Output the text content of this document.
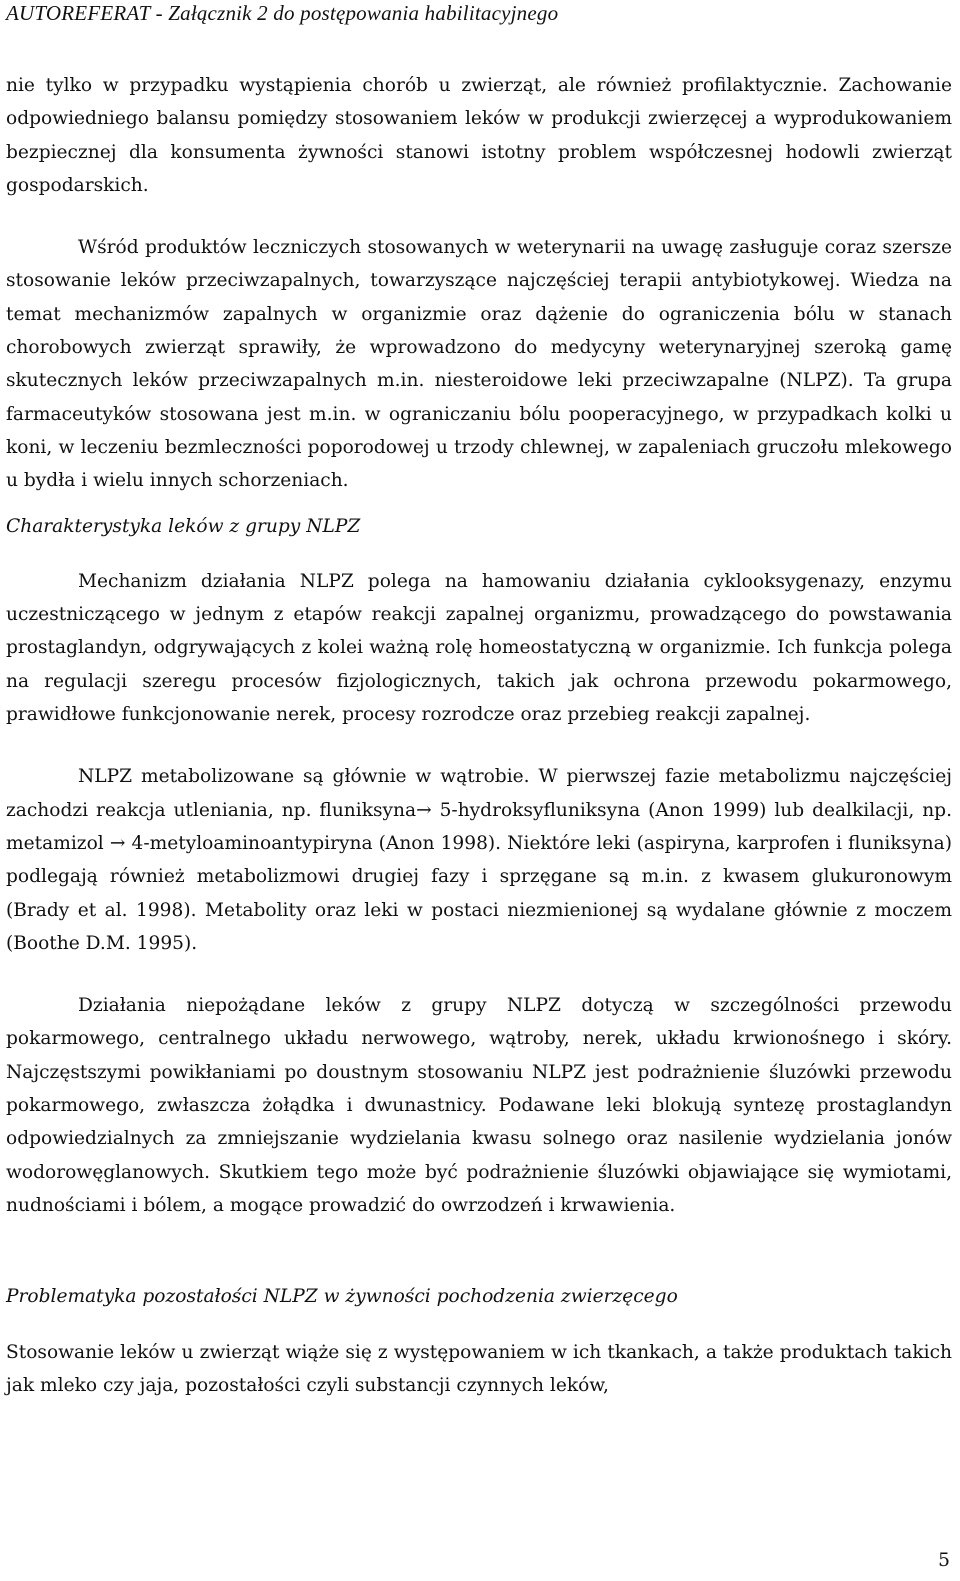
AUTOREFERAT - Załącznik 2 do postępowania habilitacyjnego

nie tylko w przypadku wystąpienia chorób u zwierząt, ale również profilaktycznie. Zachowanie odpowiedniego balansu pomiędzy stosowaniem leków w produkcji zwierzęcej a wyprodukowaniem bezpiecznej dla konsumenta żywności stanowi istotny problem współczesnej hodowli zwierząt gospodarskich.

Wśród produktów leczniczych stosowanych w weterynarii na uwagę zasługuje coraz szersze stosowanie leków przeciwzapalnych, towarzyszące najczęściej terapii antybiotykowej. Wiedza na temat mechanizmów zapalnych w organizmie oraz dążenie do ograniczenia bólu w stanach chorobowych zwierząt sprawiły, że wprowadzono do medycyny weterynaryjnej szeroką gamę skutecznych leków przeciwzapalnych m.in. niesteroidowe leki przeciwzapalne (NLPZ). Ta grupa farmaceutyków stosowana jest m.in. w ograniczaniu bólu pooperacyjnego, w przypadkach kolki u koni, w leczeniu bezmleczności poporodowej u trzody chlewnej, w zapaleniach gruczołu mlekowego u bydła i wielu innych schorzeniach.

Charakterystyka leków z grupy NLPZ

Mechanizm działania NLPZ polega na hamowaniu działania cyklooksygenazy, enzymu uczestniczącego w jednym z etapów reakcji zapalnej organizmu, prowadzącego do powstawania prostaglandyn, odgrywających z kolei ważną rolę homeostatyczną w organizmie. Ich funkcja polega na regulacji szeregu procesów fizjologicznych, takich jak ochrona przewodu pokarmowego, prawidłowe funkcjonowanie nerek, procesy rozrodcze oraz przebieg reakcji zapalnej.

NLPZ metabolizowane są głównie w wątrobie. W pierwszej fazie metabolizmu najczęściej zachodzi reakcja utleniania, np. fluniksyna→ 5-hydroksyfluniksyna (Anon 1999) lub dealkilacji, np. metamizol → 4-metyloaminoantypiryna (Anon 1998). Niektóre leki (aspiryna, karprofen i fluniksyna) podlegają również metabolizmowi drugiej fazy i sprzęgane są m.in. z kwasem glukuronowym (Brady et al. 1998). Metabolity oraz leki w postaci niezmienionej są wydalane głównie z moczem (Boothe D.M. 1995).

Działania niepożądane leków z grupy NLPZ dotyczą w szczególności przewodu pokarmowego, centralnego układu nerwowego, wątroby, nerek, układu krwionośnego i skóry. Najczęstszymi powikłaniami po doustnym stosowaniu NLPZ jest podrażnienie śluzówki przewodu pokarmowego, zwłaszcza żołądka i dwunastnicy. Podawane leki blokują syntezę prostaglandyn odpowiedzialnych za zmniejszanie wydzielania kwasu solnego oraz nasilenie wydzielania jonów wodorowęglanowych. Skutkiem tego może być podrażnienie śluzówki objawiające się wymiotami, nudnościami i bólem, a mogące prowadzić do owrzodzeń i krwawienia.

Problematyka pozostałości NLPZ w żywności pochodzenia zwierzęcego

Stosowanie leków u zwierząt wiąże się z występowaniem w ich tkankach, a także produktach takich jak mleko czy jaja, pozostałości czyli substancji czynnych leków,

5
